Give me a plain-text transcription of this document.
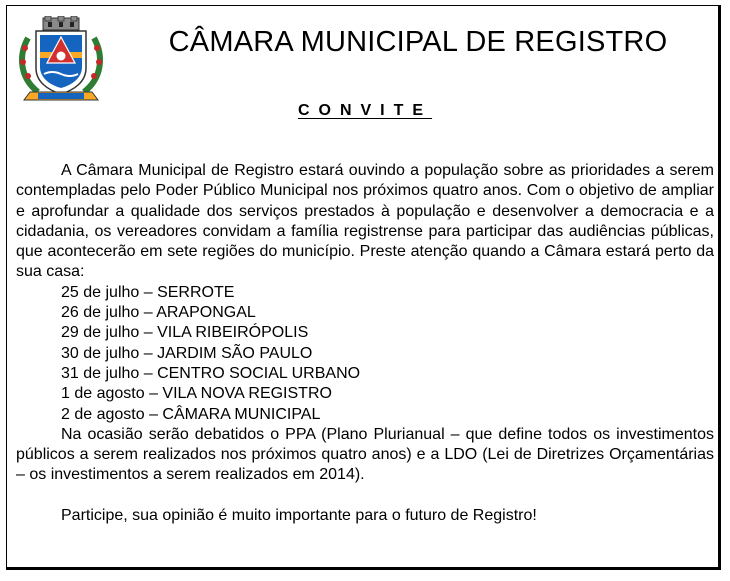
CÂMARA MUNICIPAL DE REGISTRO
CONVITE

A Câmara Municipal de Registro estará ouvindo a população sobre as prioridades a serem contempladas pelo Poder Público Municipal nos próximos quatro anos. Com o objetivo de ampliar e aprofundar a qualidade dos serviços prestados à população e desenvolver a democracia e a cidadania, os vereadores convidam a família registrense para participar das audiências públicas, que acontecerão em sete regiões do município. Preste atenção quando a Câmara estará perto da sua casa:

25 de julho – SERROTE
26 de julho – ARAPONGAL
29 de julho – VILA RIBEIRÓPOLIS
30 de julho – JARDIM SÃO PAULO
31 de julho – CENTRO SOCIAL URBANO
1 de agosto – VILA NOVA REGISTRO
2 de agosto – CÂMARA MUNICIPAL

Na ocasião serão debatidos o PPA (Plano Plurianual – que define todos os investimentos públicos a serem realizados nos próximos quatro anos) e a LDO (Lei de Diretrizes Orçamentárias – os investimentos a serem realizados em 2014).

Participe, sua opinião é muito importante para o futuro de Registro!
